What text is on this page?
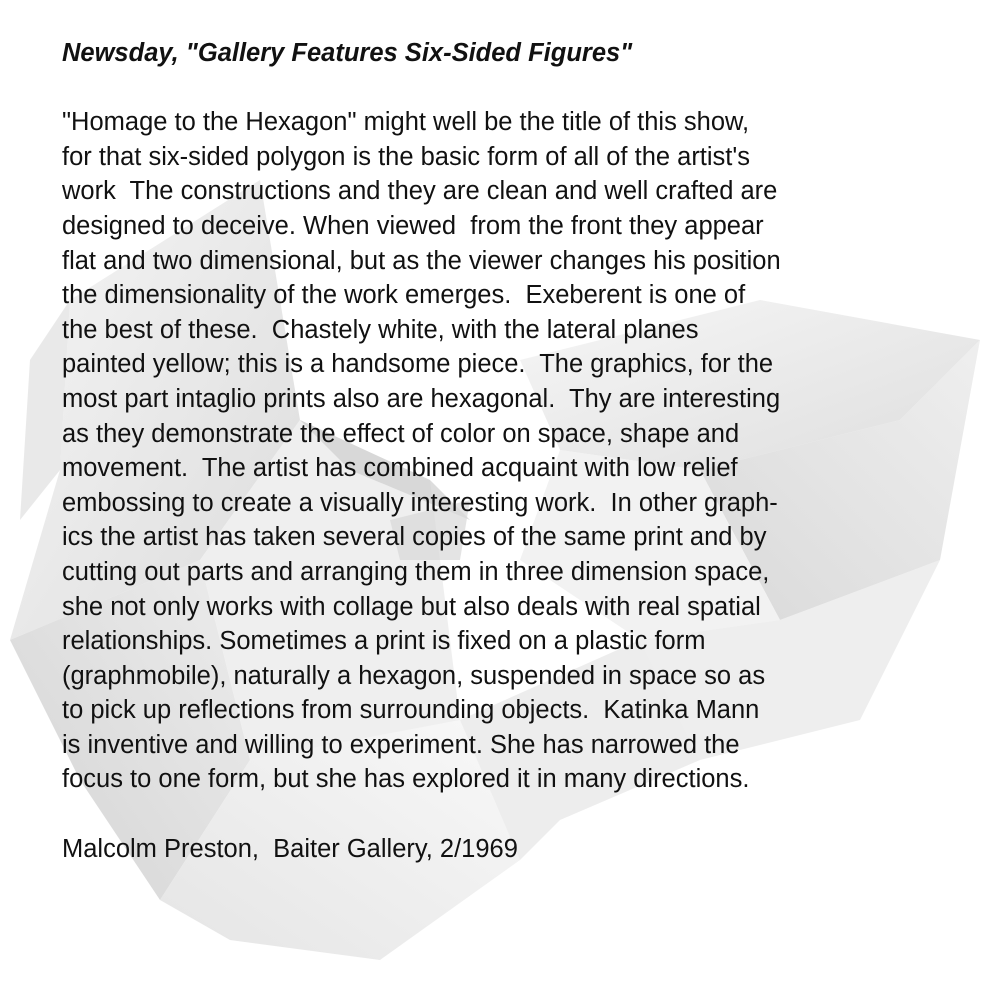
Newsday, "Gallery Features Six-Sided Figures"

"Homage to the Hexagon" might well be the title of this show,
for that six-sided polygon is the basic form of all of the artist's
work  The constructions and they are clean and well crafted are
designed to deceive. When viewed  from the front they appear
flat and two dimensional, but as the viewer changes his position
the dimensionality of the work emerges.  Exeberent is one of
the best of these.  Chastely white, with the lateral planes
painted yellow; this is a handsome piece.  The graphics, for the
most part intaglio prints also are hexagonal.  Thy are interesting
as they demonstrate the effect of color on space, shape and
movement.  The artist has combined acquaint with low relief
embossing to create a visually interesting work.  In other graph-
ics the artist has taken several copies of the same print and by
cutting out parts and arranging them in three dimension space,
she not only works with collage but also deals with real spatial
relationships. Sometimes a print is fixed on a plastic form
(graphmobile), naturally a hexagon, suspended in space so as
to pick up reflections from surrounding objects.  Katinka Mann
is inventive and willing to experiment. She has narrowed the
focus to one form, but she has explored it in many directions.

Malcolm Preston,  Baiter Gallery, 2/1969
